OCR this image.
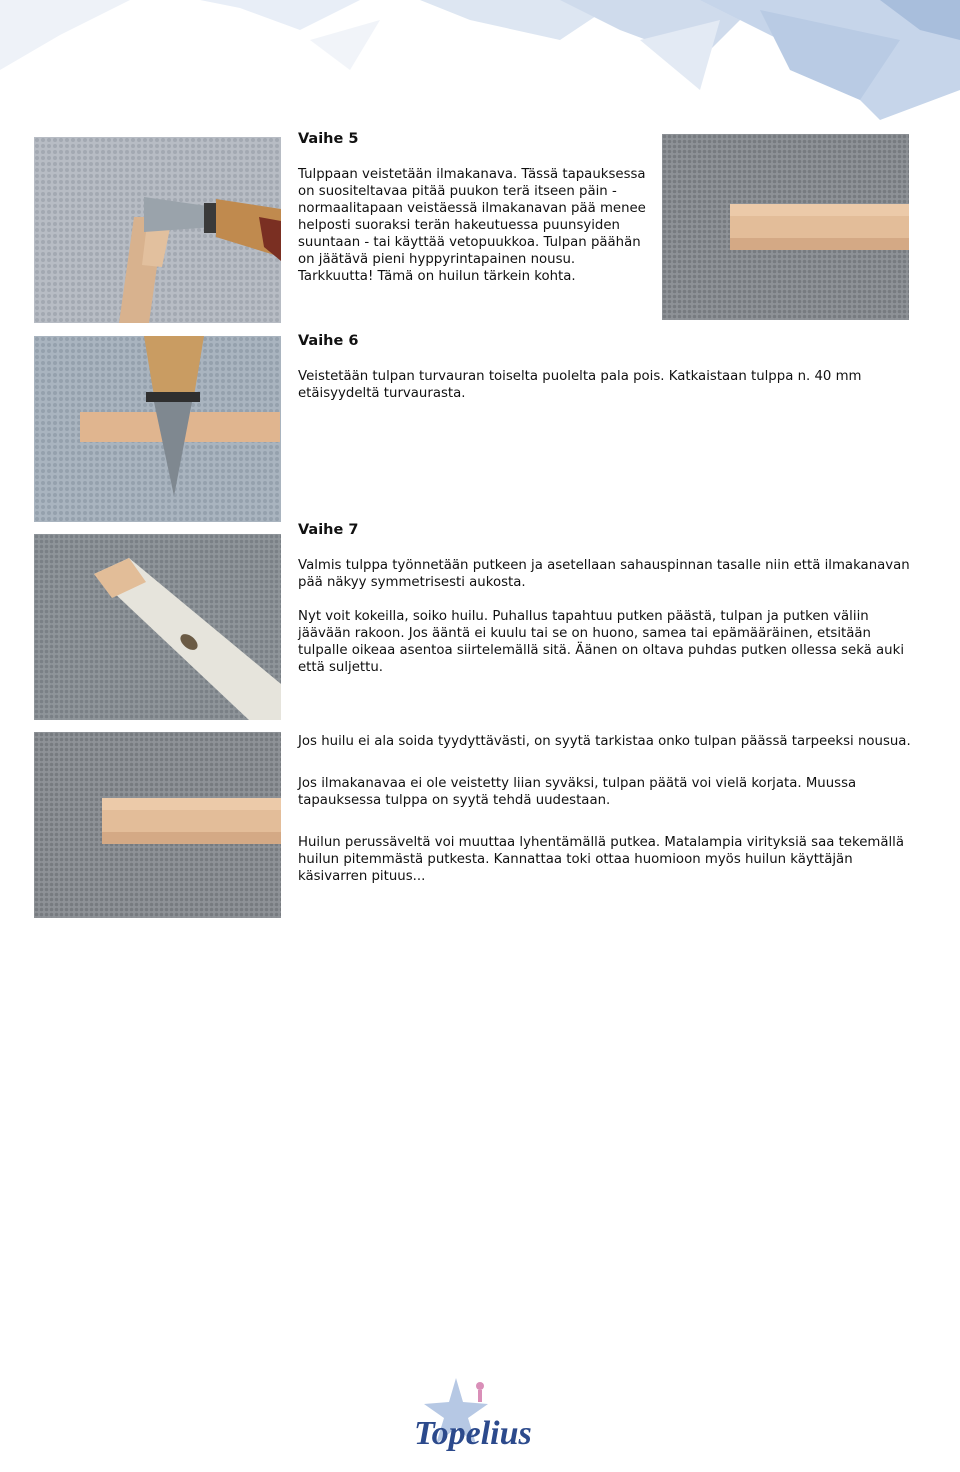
Vaihe 5

Tulppaan veistetään ilmakanava. Tässä tapauksessa on suositeltavaa pitää puukon terä itseen päin - normaalitapaan veistäessä ilmakanavan pää menee helposti suoraksi terän hakeutuessa puunsyiden suuntaan - tai käyttää vetopuukkoa. Tulpan päähän on jäätävä pieni hyppyrintapainen nousu. Tarkkuutta! Tämä on huilun tärkein kohta.

Vaihe 6

Veistetään tulpan turvauran toiselta puolelta pala pois. Katkaistaan tulppa n. 40 mm etäisyydeltä turvaurasta.

Vaihe 7

Valmis tulppa työnnetään putkeen ja asetellaan sahauspinnan tasalle niin että ilmakanavan pää näkyy symmetrisesti aukosta.

Nyt voit kokeilla, soiko huilu. Puhallus tapahtuu putken päästä, tulpan ja putken väliin jäävään rakoon. Jos ääntä ei kuulu tai se on huono, samea tai epämääräinen, etsitään tulpalle oikeaa asentoa siirtelemällä sitä. Äänen on oltava puhdas putken ollessa sekä auki että suljettu.

Jos huilu ei ala soida tyydyttävästi, on syytä tarkistaa onko tulpan päässä tarpeeksi nousua.

Jos ilmakanavaa ei ole veistetty liian syväksi, tulpan päätä voi vielä korjata. Muussa tapauksessa tulppa on syytä tehdä uudestaan.

Huilun perussäveltä voi muuttaa lyhentämällä putkea. Matalampia virityksiä saa tekemällä huilun pitemmästä putkesta. Kannattaa toki ottaa huomioon myös huilun käyttäjän käsivarren pituus...

Topelius
